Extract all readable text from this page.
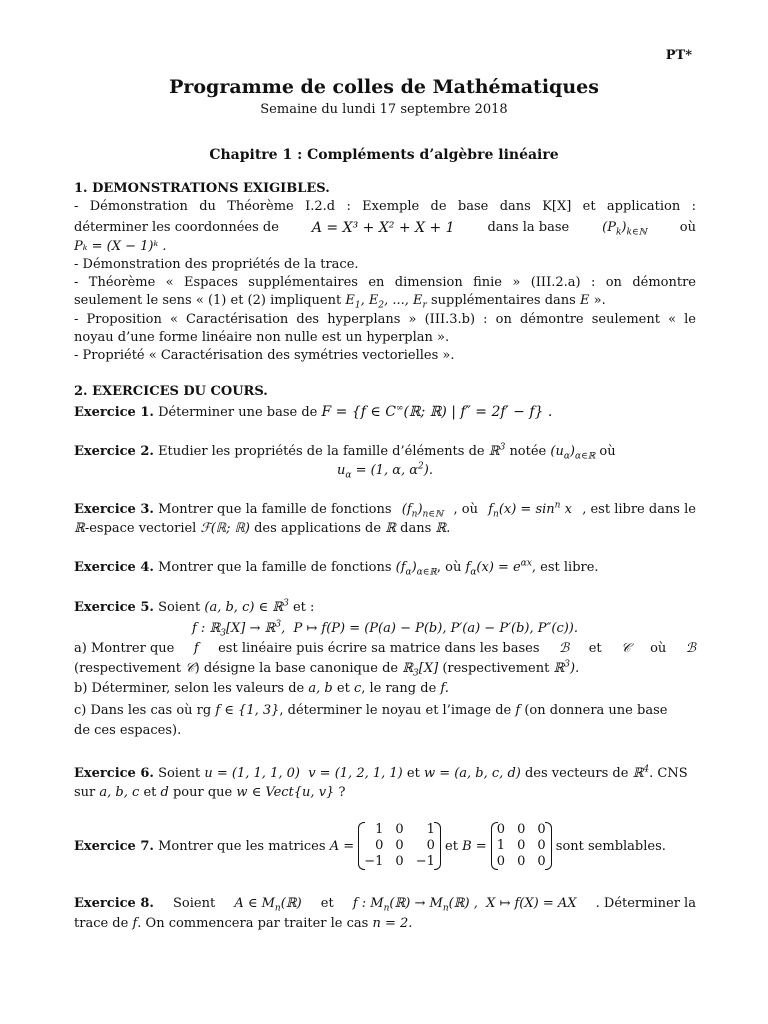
PT*
Programme de colles de Mathématiques
Semaine du lundi 17 septembre 2018
Chapitre 1 : Compléments d’algèbre linéaire
1. DEMONSTRATIONS EXIGIBLES.
- Démonstration du Théorème I.2.d : Exemple de base dans K[X] et application :
déterminer les coordonnées de A = X³ + X² + X + 1	dans la base	$(P_k)_{k\in ℕ}$	où
Pₖ = (X − 1)ᵏ .
- Démonstration des propriétés de la trace.
- Théorème « Espaces supplémentaires en dimension finie » (III.2.a) : on démontre
seulement le sens « (1) et (2) impliquent $E_1$, $E_2$, ..., $E_r$ supplémentaires dans E ».
- Proposition « Caractérisation des hyperplans » (III.3.b) : on démontre seulement « le
noyau d’une forme linéaire non nulle est un hyperplan ».
- Propriété « Caractérisation des symétries vectorielles ».
2. EXERCICES DU COURS.
Exercice 1. Déterminer une base de F = {f ∈ C∞(ℝ; ℝ) | f″ = 2f′ − f} .
Exercice 2. Etudier les propriétés de la famille d’éléments de ℝ$^3$ notée $(u_\alpha)_{\alpha\in ℝ}$ où
$u_\alpha = (1$, α, $\alpha^2$).
Exercice 3. Montrer que la famille de fonctions $(f_n)_{n\in ℕ}$ , où $f_n(x) = \sin^n x$ , est libre dans le
ℝ-espace vectoriel ℱ(ℝ; ℝ) des applications de ℝ dans ℝ.
Exercice 4. Montrer que la famille de fonctions $(f_\alpha)_{\alpha\in ℝ}$, où $f_\alpha(x) = e^{\alpha x}$, est libre.
Exercice 5. Soient (a, b, c) ∈ ℝ$^3$ et :
f : ℝ$_3$[X] → ℝ$^3$,  P ↦ f(P) = (P(a) − P(b), P′(a) − P′(b), P″(c)).
a) Montrer que f est linéaire puis écrire sa matrice dans les bases ℬ et 𝒞 où ℬ
(respectivement 𝒞) désigne la base canonique de ℝ$_3$[X] (respectivement ℝ$^3$).
b) Déterminer, selon les valeurs de a, b et c, le rang de f.
c) Dans les cas où rg f ∈ {1, 3}, déterminer le noyau et l’image de f (on donnera une base
de ces espaces).
Exercice 6. Soient u = (1, 1, 1, 0)  v = (1, 2, 1, 1) et w = (a, b, c, d) des vecteurs de ℝ$^4$. CNS
sur a, b, c et d pour que w ∈ Vect{u, v} ?
Exercice 7.
Montrer que les matrices
A =

1	0	1
0	0	0
−1	0	−1

et
B =

0	0	0
1	0	0
0	0	0

sont semblables.
Exercice 8. Soient A ∈ $M_n(ℝ)$ et f : $M_n(ℝ)$ → $M_n(ℝ)$ ,  X ↦ f(X) = AX . Déterminer la
trace de f. On commencera par traiter le cas n = 2.
